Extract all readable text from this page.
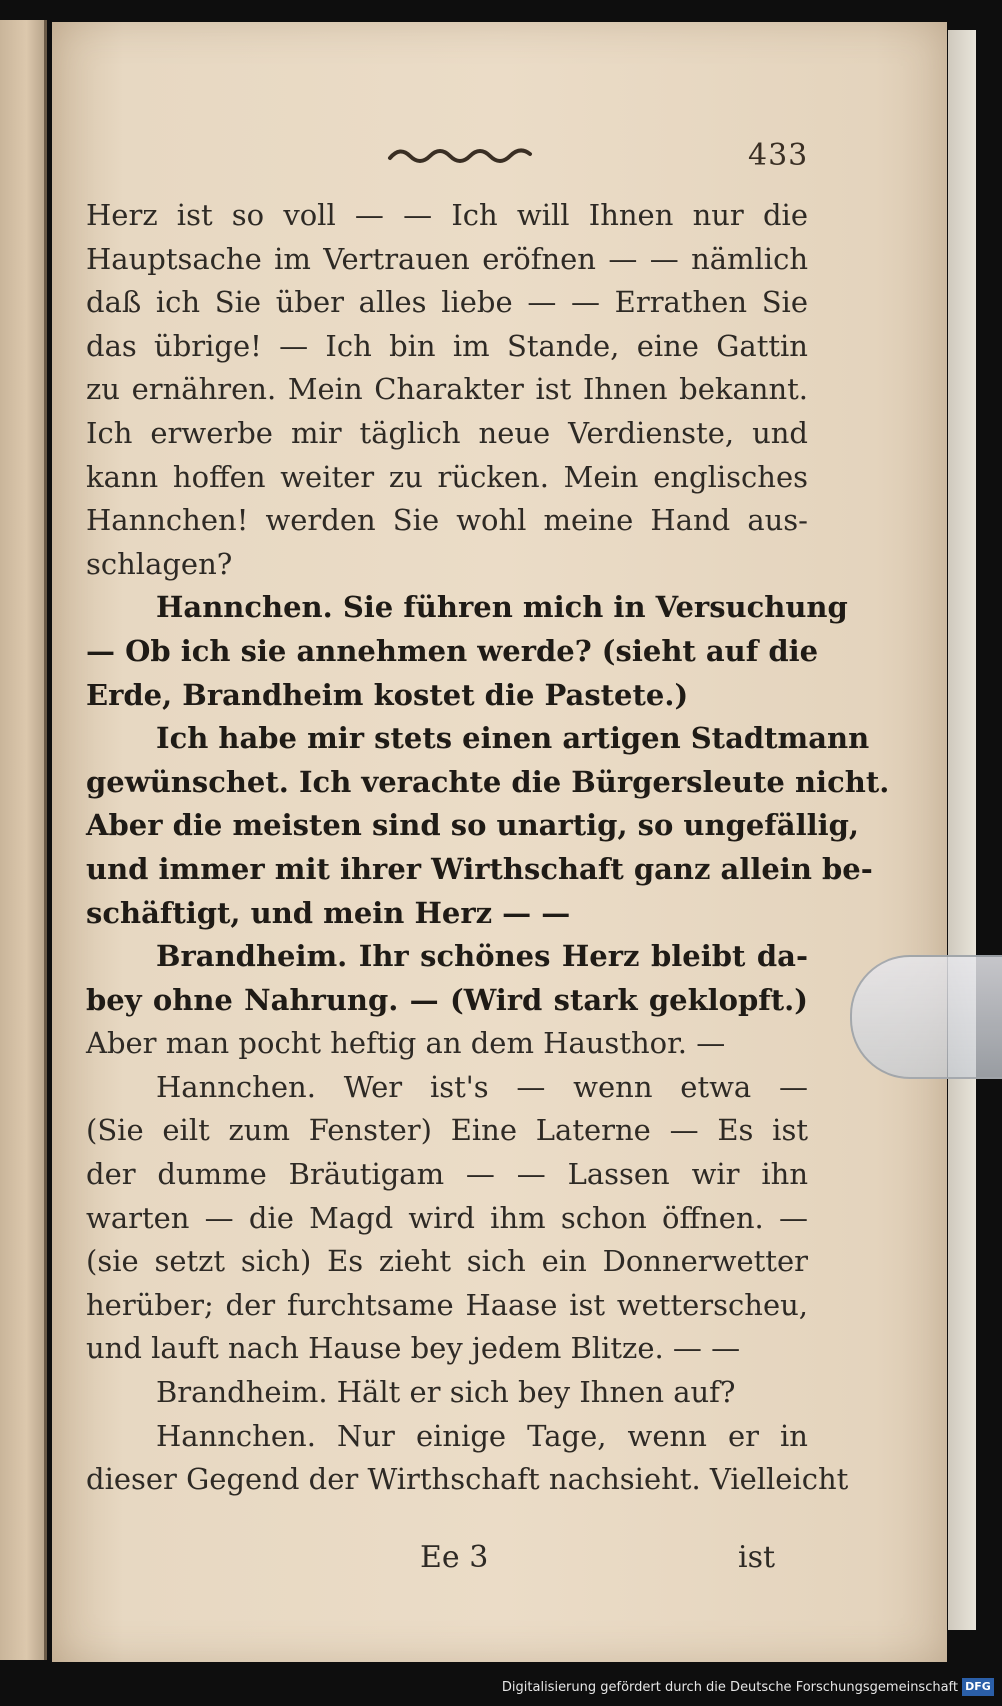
433
Herz ist so voll — — Ich will Ihnen nur die
Hauptsache im Vertrauen eröfnen — — nämlich
daß ich Sie über alles liebe — — Errathen Sie
das übrige! — Ich bin im Stande, eine Gattin
zu ernähren. Mein Charakter ist Ihnen bekannt.
Ich erwerbe mir täglich neue Verdienste, und
kann hoffen weiter zu rücken. Mein englisches
Hannchen! werden Sie wohl meine Hand aus-
schlagen?
Hannchen. Sie führen mich in Versuchung
— Ob ich sie annehmen werde? (sieht auf die
Erde, Brandheim kostet die Pastete.)
Ich habe mir stets einen artigen Stadtmann
gewünschet. Ich verachte die Bürgersleute nicht.
Aber die meisten sind so unartig, so ungefällig,
und immer mit ihrer Wirthschaft ganz allein be-
schäftigt, und mein Herz — —
Brandheim. Ihr schönes Herz bleibt da-
bey ohne Nahrung. — (Wird stark geklopft.)
Aber man pocht heftig an dem Hausthor. —
Hannchen. Wer ist's — wenn etwa —
(Sie eilt zum Fenster) Eine Laterne — Es ist
der dumme Bräutigam — — Lassen wir ihn
warten — die Magd wird ihm schon öffnen. —
(sie setzt sich) Es zieht sich ein Donnerwetter
herüber; der furchtsame Haase ist wetterscheu,
und lauft nach Hause bey jedem Blitze. — —
Brandheim. Hält er sich bey Ihnen auf?
Hannchen. Nur einige Tage, wenn er in
dieser Gegend der Wirthschaft nachsieht. Vielleicht
Ee 3	ist
Digitalisierung gefördert durch die Deutsche Forschungsgemeinschaft DFG
